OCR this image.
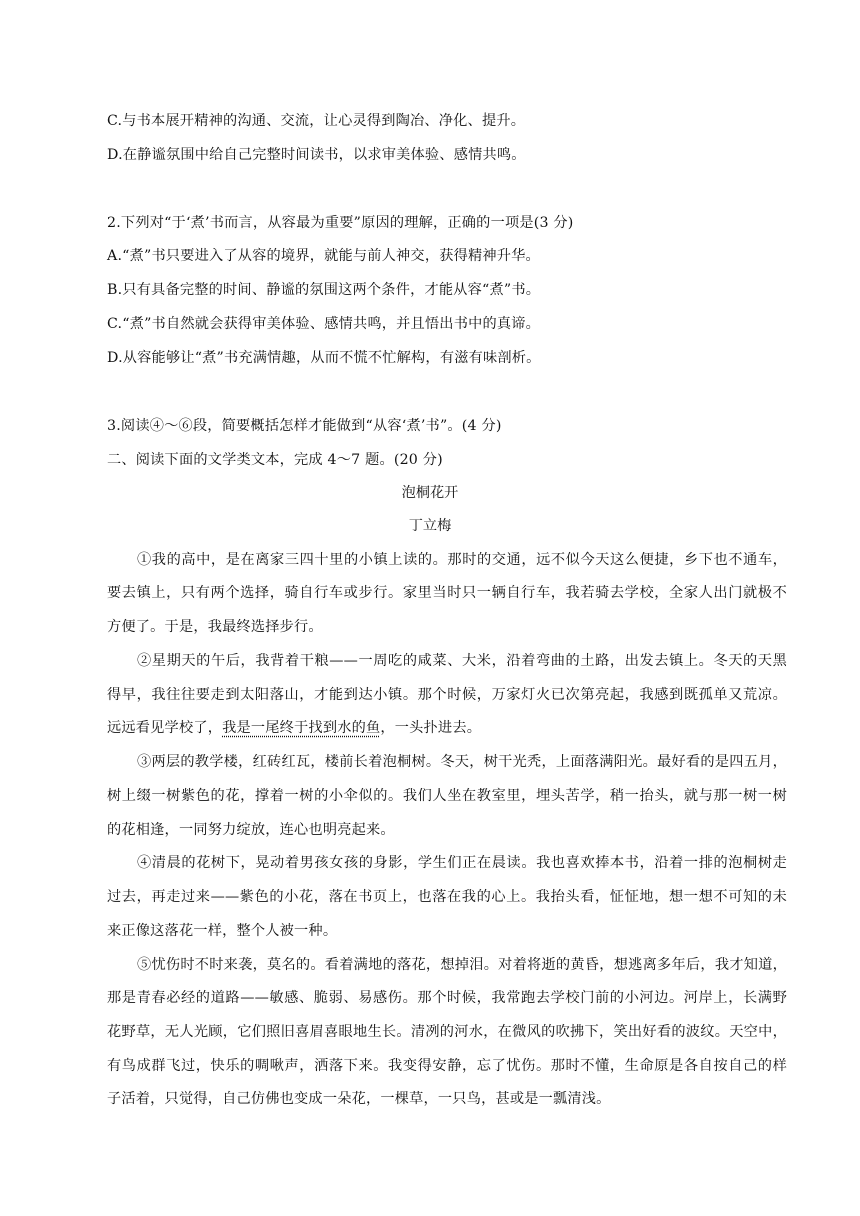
C.与书本展开精神的沟通、交流，让心灵得到陶冶、净化、提升。
D.在静谧氛围中给自己完整时间读书，以求审美体验、感情共鸣。
2.下列对“于‘煮’书而言，从容最为重要”原因的理解，正确的一项是(3 分)
A.“煮”书只要进入了从容的境界，就能与前人神交，获得精神升华。
B.只有具备完整的时间、静谧的氛围这两个条件，才能从容“煮”书。
C.“煮”书自然就会获得审美体验、感情共鸣，并且悟出书中的真谛。
D.从容能够让“煮”书充满情趣，从而不慌不忙解构，有滋有味剖析。
3.阅读④～⑥段，简要概括怎样才能做到“从容‘煮’书”。(4 分)
二、阅读下面的文学类文本，完成 4～7 题。(20 分)
泡桐花开
丁立梅
①我的高中，是在离家三四十里的小镇上读的。那时的交通，远不似今天这么便捷，乡下也不通车，
要去镇上，只有两个选择，骑自行车或步行。家里当时只一辆自行车，我若骑去学校，全家人出门就极不
方便了。于是，我最终选择步行。
②星期天的午后，我背着干粮——一周吃的咸菜、大米，沿着弯曲的土路，出发去镇上。冬天的天黑
得早，我往往要走到太阳落山，才能到达小镇。那个时候，万家灯火已次第亮起，我感到既孤单又荒凉。
远远看见学校了，我是一尾终于找到水的鱼，一头扑进去。
③两层的教学楼，红砖红瓦，楼前长着泡桐树。冬天，树干光秃，上面落满阳光。最好看的是四五月，
树上缀一树紫色的花，撑着一树的小伞似的。我们人坐在教室里，埋头苦学，稍一抬头，就与那一树一树
的花相逢，一同努力绽放，连心也明亮起来。
④清晨的花树下，晃动着男孩女孩的身影，学生们正在晨读。我也喜欢捧本书，沿着一排的泡桐树走
过去，再走过来——紫色的小花，落在书页上，也落在我的心上。我抬头看，怔怔地，想一想不可知的未
来正像这落花一样，整个人被一种。
⑤忧伤时不时来袭，莫名的。看着满地的落花，想掉泪。对着将逝的黄昏，想逃离多年后，我才知道，
那是青春必经的道路——敏感、脆弱、易感伤。那个时候，我常跑去学校门前的小河边。河岸上，长满野
花野草，无人光顾，它们照旧喜眉喜眼地生长。清冽的河水，在微风的吹拂下，笑出好看的波纹。天空中，
有鸟成群飞过，快乐的啁啾声，洒落下来。我变得安静，忘了忧伤。那时不懂，生命原是各自按自己的样
子活着，只觉得，自己仿佛也变成一朵花，一棵草，一只鸟，甚或是一瓢清浅。
